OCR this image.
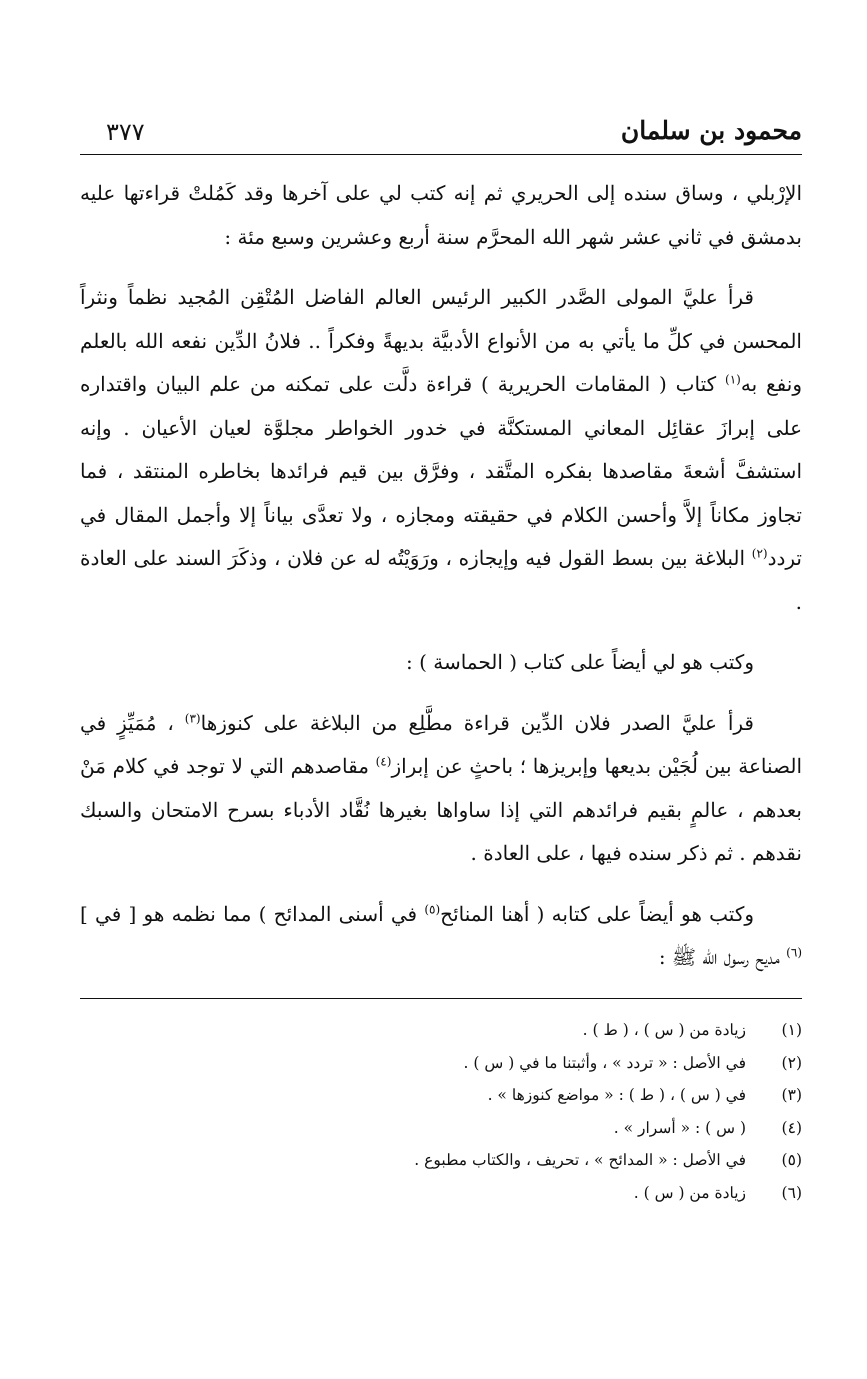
محمود بن سلمان
٣٧٧

الإرْبلي ، وساق سنده إلى الحريري ثم إنه كتب لي على آخرها وقد كَمُلتْ قراءتها عليه بدمشق في ثاني عشر شهر الله المحرَّم سنة أربع وعشرين وسبع مئة :

قرأ عليَّ المولى الصَّدر الكبير الرئيس العالم الفاضل المُتْقِن المُجيد نظماً ونثراً المحسن في كلِّ ما يأتي به من الأنواع الأدبيَّة بديهةً وفكراً .. فلانُ الدِّين نفعه الله بالعلم ونفع به$^{(١)}$ كتاب ( المقامات الحريرية ) قراءة دلَّت على تمكنه من علم البيان واقتداره على إبرازَ عقائِل المعاني المستكنَّة في خدور الخواطر مجلوَّة لعيان الأعيان . وإنه استشفَّ أشعةَ مقاصدها بفكره المتَّقد ، وفرَّق بين قيم فرائدها بخاطره المنتقد ، فما تجاوز مكاناً إلاَّ وأحسن الكلام في حقيقته ومجازه ، ولا تعدَّى بياناً إلا وأجمل المقال في تردد$^{(٢)}$ البلاغة بين بسط القول فيه وإيجازه ، ورَوَيْتُه له عن فلان ، وذكَرَ السند على العادة .

وكتب هو لي أيضاً على كتاب ( الحماسة ) :

قرأ عليَّ الصدر فلان الدِّين قراءة مطَّلِع من البلاغة على كنوزها$^{(٣)}$ ، مُمَيِّزٍ في الصناعة بين لُجَيْن بديعها وإبريزها ؛ باحثٍ عن إبراز$^{(٤)}$ مقاصدهم التي لا توجد في كلام مَنْ بعدهم ، عالمٍ بقيم فرائدهم التي إذا ساواها بغيرها نُقَّاد الأدباء بسرح الامتحان والسبك نقدهم . ثم ذكر سنده فيها ، على العادة .

وكتب هو أيضاً على كتابه ( أهنا المنائح$^{(٥)}$ في أسنى المدائح ) مما نظمه هو [ في ]$^{(٦)}$ مديح رسول الله ﷺ :

(١)
زيادة من ( س ) ، ( ط ) .
(٢)
في الأصل : « تردد » ، وأثبتنا ما في ( س ) .
(٣)
في ( س ) ، ( ط ) : « مواضع كنوزها » .
(٤)
( س ) : « أسرار » .
(٥)
في الأصل : « المدائح » ، تحريف ، والكتاب مطبوع .
(٦)
زيادة من ( س ) .
